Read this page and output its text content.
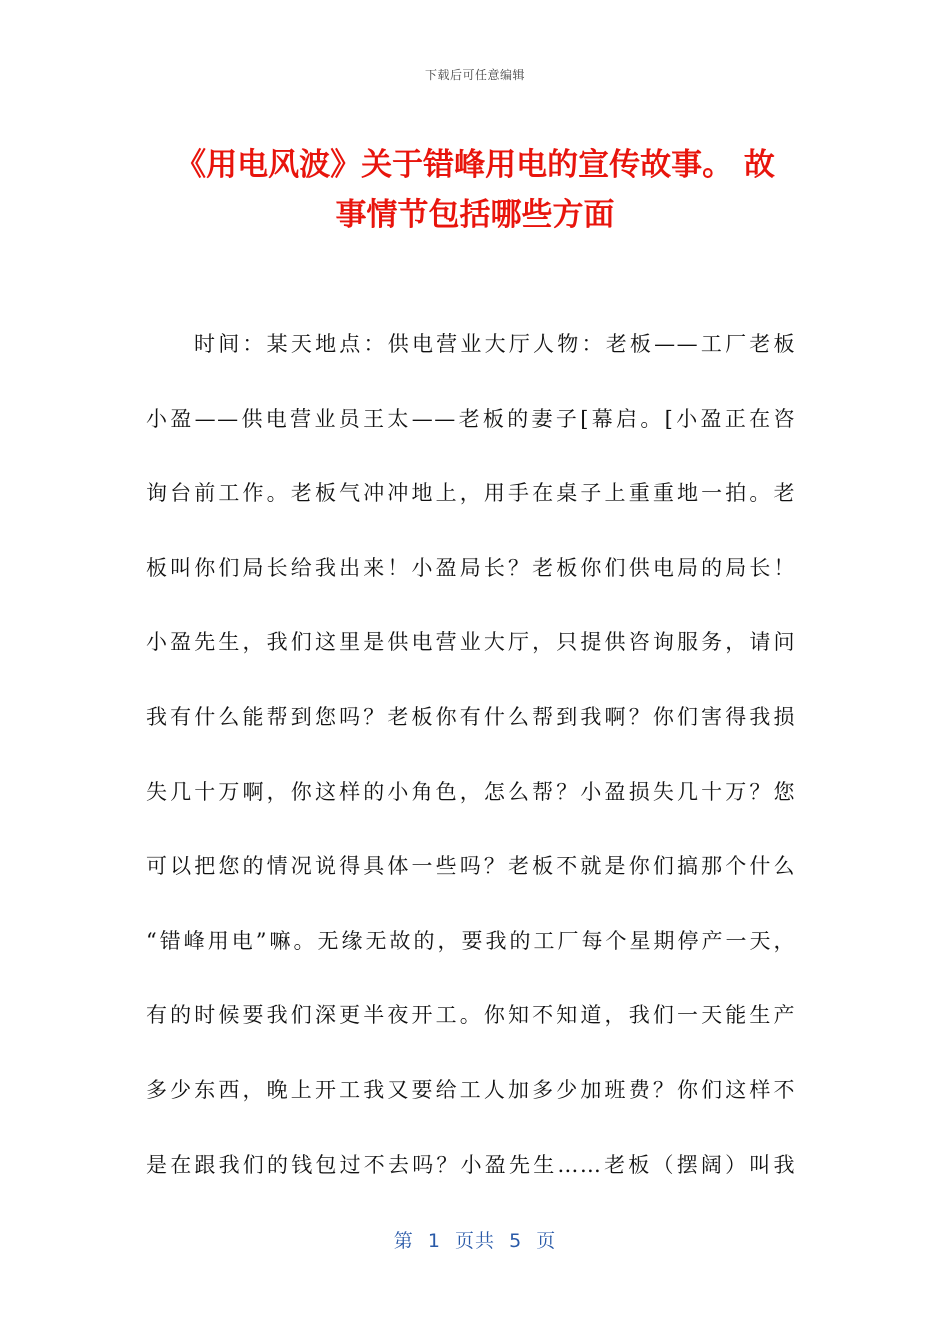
下载后可任意编辑
《用电风波》关于错峰用电的宣传故事。 故
事情节包括哪些方面
时间：某天地点：供电营业大厅人物：老板——工厂老板
小盈——供电营业员王太——老板的妻子[幕启。[小盈正在咨
询台前工作。老板气冲冲地上，用手在桌子上重重地一拍。老
板叫你们局长给我出来！小盈局长？老板你们供电局的局长！
小盈先生，我们这里是供电营业大厅，只提供咨询服务，请问
我有什么能帮到您吗？老板你有什么帮到我啊？你们害得我损
失几十万啊，你这样的小角色，怎么帮？小盈损失几十万？您
可以把您的情况说得具体一些吗？老板不就是你们搞那个什么
“错峰用电”嘛。无缘无故的，要我的工厂每个星期停产一天，
有的时候要我们深更半夜开工。你知不知道，我们一天能生产
多少东西，晚上开工我又要给工人加多少加班费？你们这样不
是在跟我们的钱包过不去吗？小盈先生……老板（摆阔）叫我
第  1  页共  5  页
